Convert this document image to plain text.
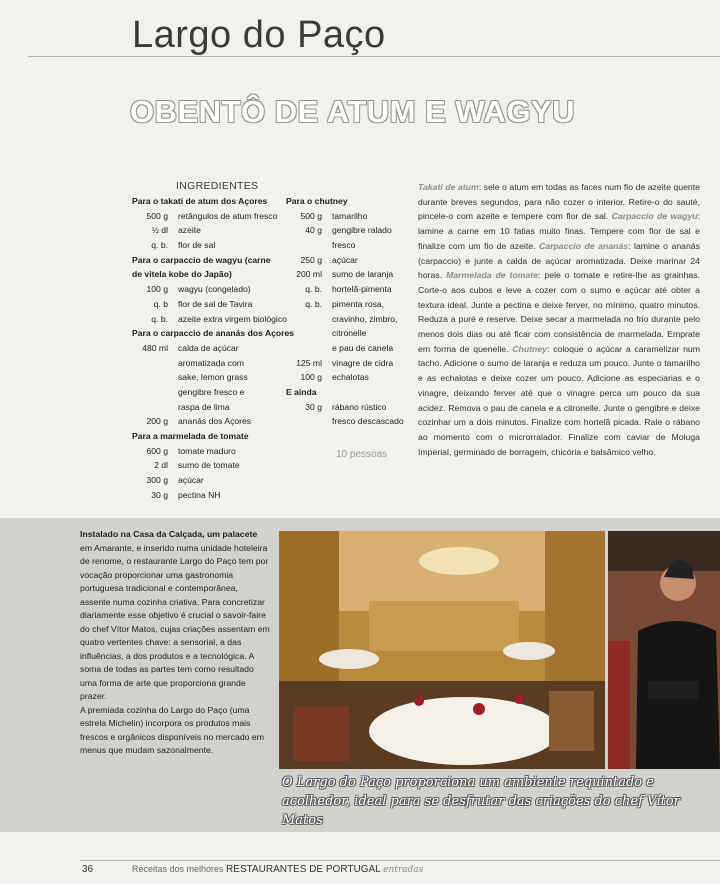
Largo do Paço
OBENTÔ DE ATUM E WAGYU
INGREDIENTES
Para o takati de atum dos Açores	
500 g	retângulos de atum fresco
½ dl	azeite
q. b.	flor de sal
Para o carpaccio de wagyu (carne	
de vitela kobe do Japão)	
100 g	wagyu (congelado)
q. b	flor de sal de Tavira
q. b.	azeite extra virgem biológico
Para o carpaccio de ananás dos Açores	
480 ml	calda de açúcar
	aromatizada com
	sake, lemon grass
	gengibre fresco e
	raspa de lima
200 g	ananás dos Açores
Para a marmelada de tomate	
600 g	tomate maduro
2 dl	sumo de tomate
300 g	açúcar
30 g	pectina NH
Para o chutney	
500 g	tamarilho
40 g	gengibre ralado
	fresco
250 g	açúcar
200 ml	sumo de laranja
q. b.	hortelã-pimenta
q. b.	pimenta rosa,
	cravinho, zimbro,
	citronelle
	e pau de canela
125 ml	vinagre de cidra
100 g	echalotas
E ainda	
30 g	rábano rústico
	fresco descascado
10 pessoas

Takati de atum: sele o atum em todas as faces num fio de azeite quente durante breves segundos, para não cozer o interior. Retire-o do sauté, pincele-o com azeite e tempere com flor de sal. Carpaccio de wagyu: lamine a carne em 10 fatias muito finas. Tempere com flor de sal e finalize com um fio de azeite. Carpaccio de ananás: lamine o ananás (carpaccio) e junte a calda de açúcar aromatizada. Deixe marinar 24 horas. Marmelada de tomate: pele o tomate e retire-lhe as grainhas. Corte-o aos cubos e leve a cozer com o sumo e açúcar até obter a textura ideal. Junte a pectina e deixe ferver, no mínimo, quatro minutos. Reduza a puré e reserve. Deixe secar a marmelada no frio durante pelo menos dois dias ou até ficar com consistência de marmelada. Emprate em forma de quenelle. Chutney: coloque o açúcar a caramelizar num tacho. Adicione o sumo de laranja e reduza um pouco. Junte o tamarilho e as echalotas e deixe cozer um pouco. Adicione as especiarias e o vinagre, deixando ferver até que o vinagre perca um pouco da sua acidez. Remova o pau de canela e a citronelle. Junte o gengibre e deixe cozinhar um a dois minutos. Finalize com hortelã picada. Rale o rábano ao momento com o microrralador. Finalize com caviar de Moluga Imperial, germinado de borragem, chicória e balsâmico velho.

Instalado na Casa da Calçada, um palacete em Amarante, e inserido numa unidade hoteleira de renome, o restaurante Largo do Paço tem por vocação proporcionar uma gastronomia portuguesa tradicional e contemporânea, assente numa cozinha criativa. Para concretizar diariamente esse objetivo é crucial o savoir-faire do chef Vítor Matos, cujas criações assentam em quatro vertentes chave: a sensorial, a das influências, a dos produtos e a tecnológica. A soma de todas as partes tem como resultado uma forma de arte que proporciona grande prazer.
A premiada cozinha do Largo do Paço (uma estrela Michelin) incorpora os produtos mais frescos e orgânicos disponíveis no mercado em menus que mudam sazonalmente.

O Largo do Paço proporciona um ambiente requintado e acolhedor, ideal para se desfrutar das criações do chef Vítor Matos

36	Receitas dos melhores RESTAURANTES DE PORTUGAL entradas
